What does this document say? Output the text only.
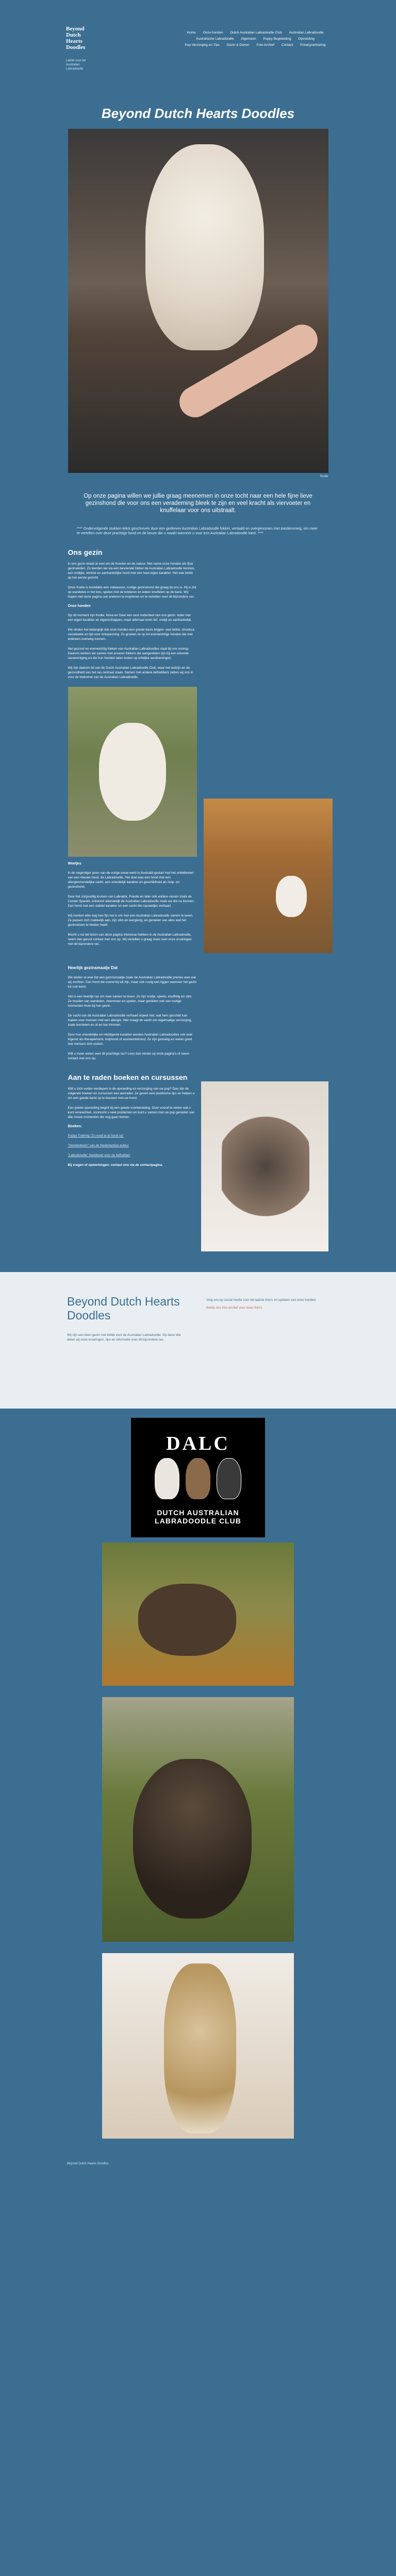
Beyond Dutch Hearts Doodles
Liefde voor de Australian Labradoodle
Home Onze honden Dutch Australian Labradoodle Club Australian Labradoodle Australische Labradoodle Algemeen Puppy Begeleiding Opvoeding Pup Verzorging en Tips Gezin & Dieren Foto Archief Contact Privacyverklaring
Beyond Dutch Hearts Doodles
Kodie

Op onze pagina willen we jullie graag meenemen in onze tocht naar een hele fijne lieve gezinshond die voor ons een verademing bleek te zijn en veel kracht als viervoeter en knuffelaar voor ons uitstraalt.

**** Ondervolgende stukken tekst geschreven door een gedreven Australian Labradoodle fokker, vertaald en overgenomen met toestemming, om meer te vertellen over deze prachtige hond en de keuze die u maakt wanneer u voor een Australian Labradoodle kiest. ****

Ons gezin

In ons gezin draait al veel om de honden en de natuur. Met name onze honden als fijne gezinsleden. Zo leerden we via een bevriende fokker de Australian Labradoodle kennen, een vrolijke, slimme en aanhankelijke hond met een heel eigen karakter. Het was liefde op het eerste gezicht.

Onze Kodie is inmiddels een volwassen, rustige gezinshond die graag bij ons is. Hij is dol op wandelen in het bos, spelen met de kinderen en lekker knuffelen op de bank. Wij hopen met deze pagina ook anderen te inspireren en te vertellen over dit bijzondere ras.

Onze honden

Op dit moment zijn Kodie, Nova en Saar een vast onderdeel van ons gezin. Ieder met een eigen karakter en eigenschappen, maar allemaal even lief, vrolijk en aanhankelijk.

We vinden het belangrijk dat onze honden een goede basis krijgen: veel liefde, structuur, socialisatie en tijd voor ontspanning. Zo groeien ze op tot evenwichtige honden die met iedereen overweg kunnen.

Het gezond en evenwichtig fokken van Australian Labradoodles staat bij ons voorop. Daarom werken we samen met ervaren fokkers die aangesloten zijn bij een erkende rasvereniging en die hun honden laten testen op erfelijke aandoeningen.

Wij zijn daarom lid van de Dutch Australian Labradoodle Club, waar het welzijn en de gezondheid van het ras centraal staan. Samen met andere liefhebbers zetten wij ons in voor de toekomst van de Australian Labradoodle.

Weetjes

In de negentiger jaren van de vorige eeuw werd in Australië gestart met het ontwikkelen van een nieuwe hond: de Labradoodle. Het doel was een hond met een allergievriendelijke vacht, een vriendelijk karakter en geschiktheid als hulp- en gezinshond.

Door het zorgvuldig kruisen van Labrador, Poedel en later ook andere rassen zoals de Cocker Spaniël, ontstond uiteindelijk de Australian Labradoodle zoals we die nu kennen. Een hond met een stabiel karakter en een vacht die nauwelijks verhaart.

Wij merken elke dag hoe fijn het is om met een Australian Labradoodle samen te leven. Ze passen zich makkelijk aan, zijn slim en leergierig, en genieten van alles wat het gezinsleven te bieden heeft.

Mocht u na het lezen van deze pagina interesse hebben in de Australian Labradoodle, neem dan gerust contact met ons op. Wij vertellen u graag meer over onze ervaringen met dit bijzondere ras.

Heerlijk gezinsmaatje Dat

We wisten al snel dat een gezinsmaatje zoals de Australian Labradoodle precies was wat wij zochten. Een hond die overal bij wil zijn, maar ook rustig kan liggen wanneer het gezin tot rust komt.

Het is een heerlijk ras om mee samen te leven. Ze zijn vrolijk, speels, knuffelig en slim. Ze houden van wandelen, zwemmen en spelen, maar genieten ook van rustige momenten thuis bij hun gezin.

De vacht van de Australian Labradoodle verhaart vrijwel niet, wat hem geschikt kan maken voor mensen met een allergie. Wel vraagt de vacht om regelmatige verzorging, zoals borstelen en af en toe trimmen.

Door hun vriendelijke en intelligente karakter worden Australian Labradoodles ook veel ingezet als therapiehond, hulphond of assistentiehond. Ze zijn gevoelig en weten goed hoe mensen zich voelen.

Wilt u meer weten over dit prachtige ras? Lees dan verder op onze pagina's of neem contact met ons op.

Aan te raden boeken en cursussen

Wilt u zich verder verdiepen in de opvoeding en verzorging van uw pup? Dan zijn de volgende boeken en cursussen een aanrader. Ze geven veel praktische tips en helpen u om een goede band op te bouwen met uw hond.

Een goede opvoeding begint bij een goede voorbereiding. Door vooraf te weten wat u kunt verwachten, voorkomt u veel problemen en kunt u samen met uw pup genieten van alle mooie momenten die nog gaan komen.

Boeken:

Puppy Training "Zo voed je je hond op"

"Hondenbrein" van de Nederlandse auteur

"Labradoodle" handboek voor de liefhebber

Bij vragen of opmerkingen: contact ons via de contactpagina.

Beyond Dutch Hearts Doodles

Wij zijn een klein gezin met liefde voor de Australian Labradoodle. Op deze site delen wij onze ervaringen, tips en informatie over dit bijzondere ras.

Volg ons op social media voor de laatste foto's en updates van onze honden.

Bekijk ons foto archief voor meer foto's
DALC
DUTCH AUSTRALIAN LABRADOODLE CLUB
Beyond Dutch Hearts Doodles
